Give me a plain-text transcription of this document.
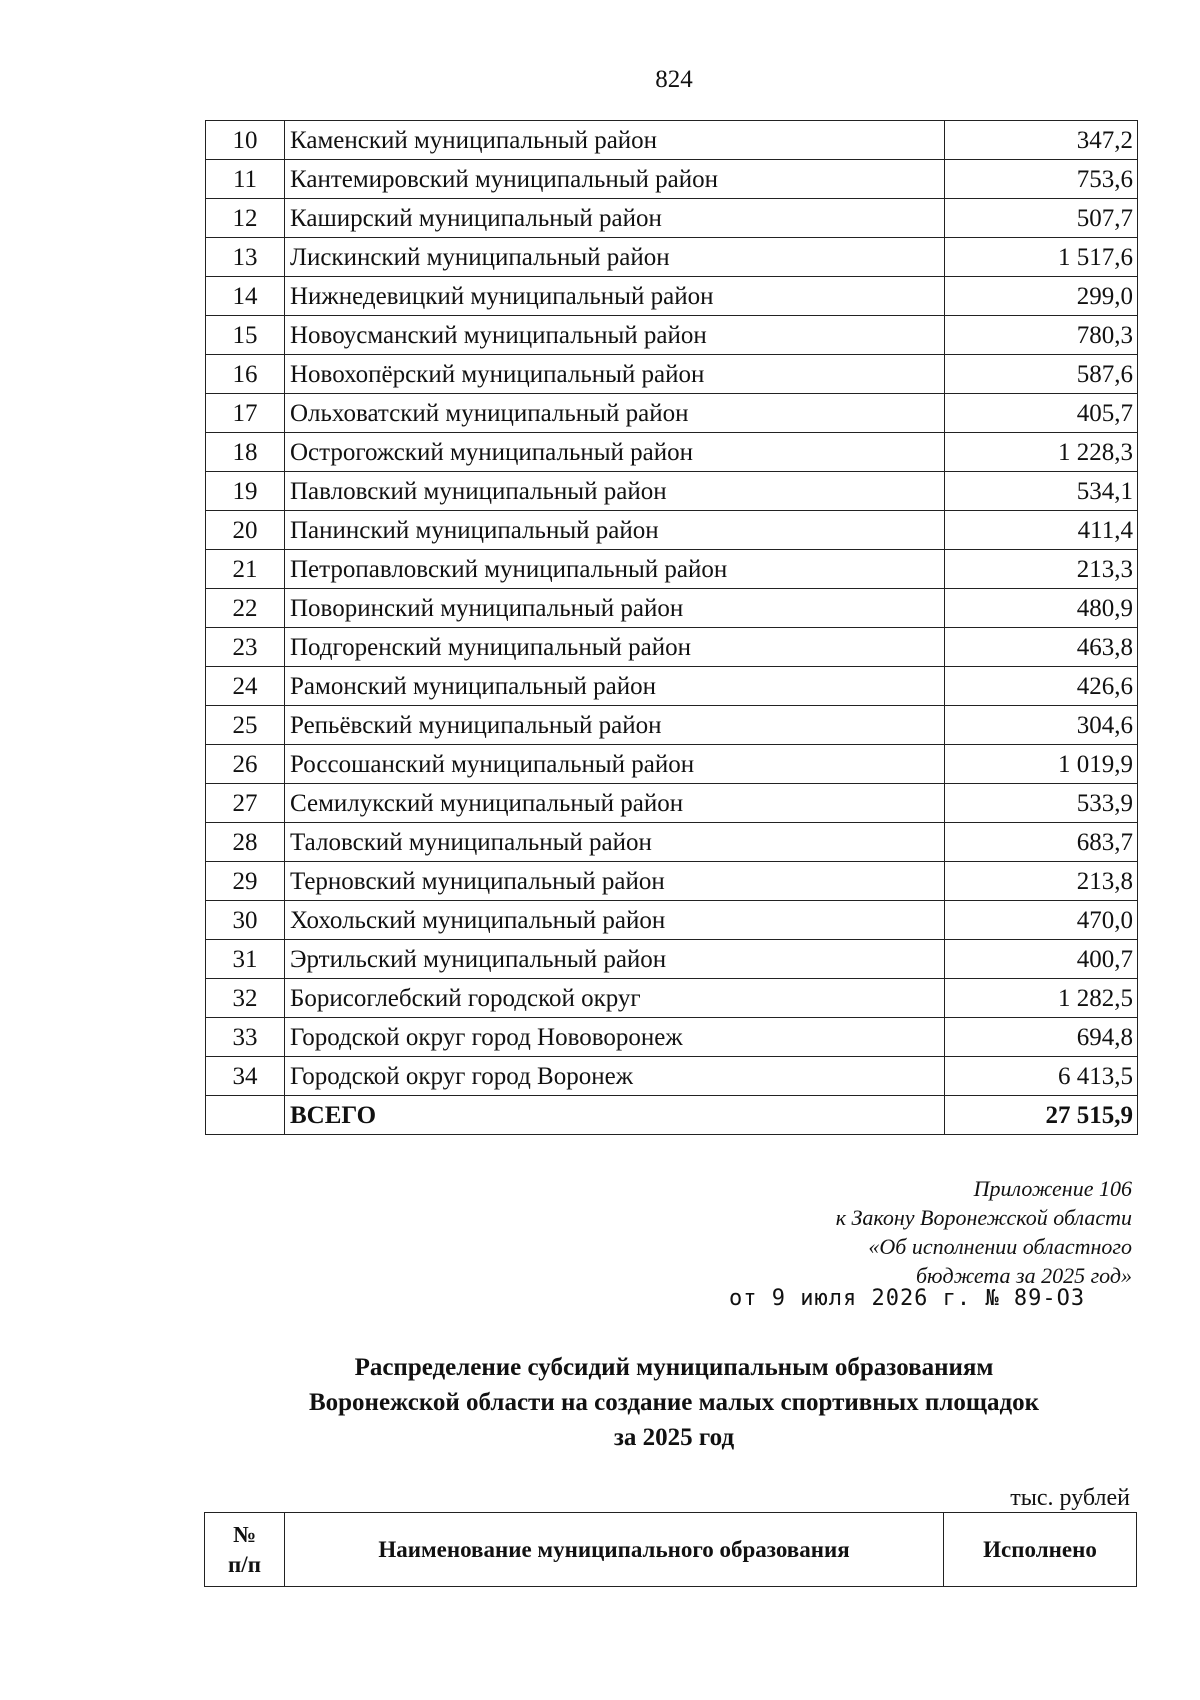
824
10	Каменский муниципальный район	347,2
11	Кантемировский муниципальный район	753,6
12	Каширский муниципальный район	507,7
13	Лискинский муниципальный район	1 517,6
14	Нижнедевицкий муниципальный район	299,0
15	Новоусманский муниципальный район	780,3
16	Новохопёрский муниципальный район	587,6
17	Ольховатский муниципальный район	405,7
18	Острогожский муниципальный район	1 228,3
19	Павловский муниципальный район	534,1
20	Панинский муниципальный район	411,4
21	Петропавловский муниципальный район	213,3
22	Поворинский муниципальный район	480,9
23	Подгоренский муниципальный район	463,8
24	Рамонский муниципальный район	426,6
25	Репьёвский муниципальный район	304,6
26	Россошанский муниципальный район	1 019,9
27	Семилукский муниципальный район	533,9
28	Таловский муниципальный район	683,7
29	Терновский муниципальный район	213,8
30	Хохольский муниципальный район	470,0
31	Эртильский муниципальный район	400,7
32	Борисоглебский городской округ	1 282,5
33	Городской округ город Нововоронеж	694,8
34	Городской округ город Воронеж	6 413,5
	ВСЕГО	27 515,9
Приложение 106
к Закону Воронежской области
«Об исполнении областного
бюджета за 2025 год»
от 9 июля 2026 г. № 89-ОЗ
Распределение субсидий муниципальным образованиям
Воронежской области на создание малых спортивных площадок
за 2025 год
тыс. рублей
№
п/п
	Наименование муниципального образования	Исполнено
